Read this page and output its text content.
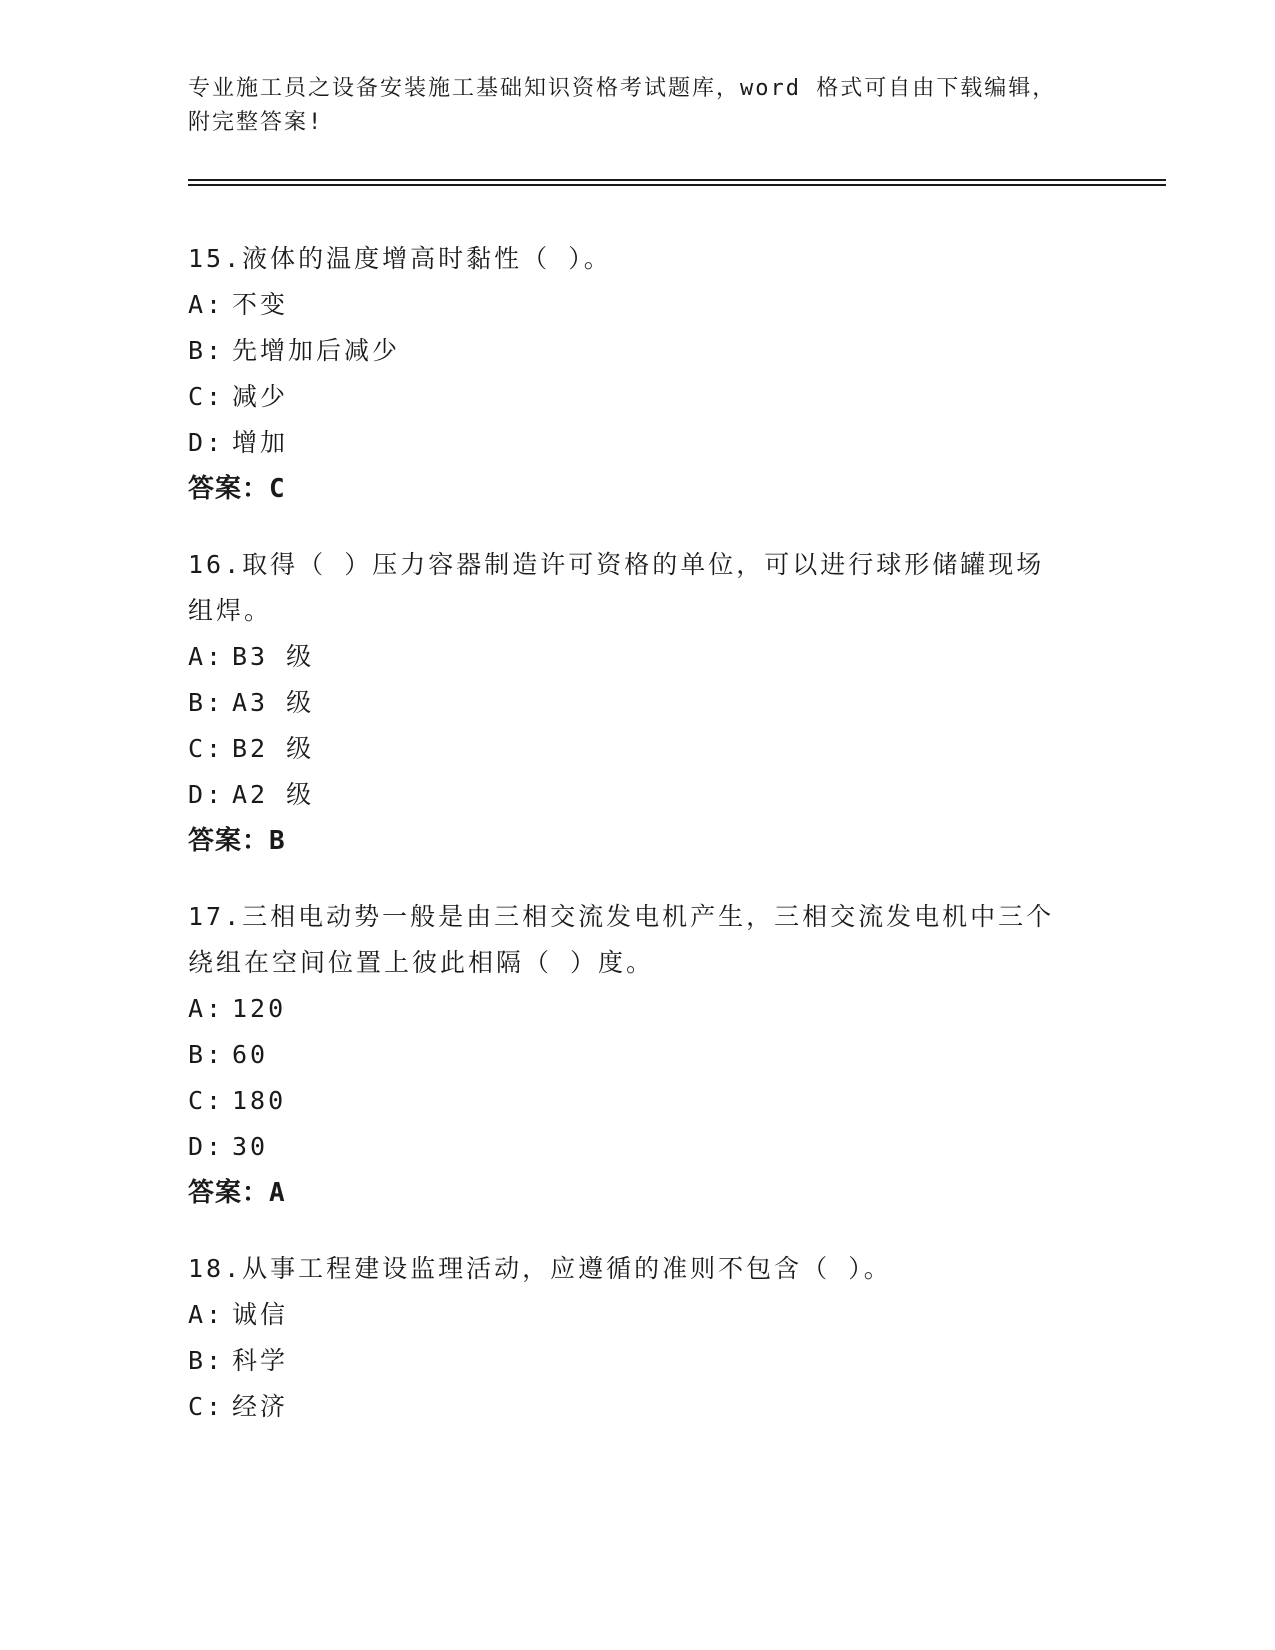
专业施工员之设备安装施工基础知识资格考试题库，word 格式可自由下载编辑，
附完整答案!
15.液体的温度增高时黏性（ ）。
A: 不变
B: 先增加后减少
C: 减少
D: 增加
答案：C
16.取得（ ）压力容器制造许可资格的单位，可以进行球形储罐现场
组焊。
A: B3 级
B: A3 级
C: B2 级
D: A2 级
答案：B
17.三相电动势一般是由三相交流发电机产生，三相交流发电机中三个
绕组在空间位置上彼此相隔（ ）度。
A: 120
B: 60
C: 180
D: 30
答案：A
18.从事工程建设监理活动，应遵循的准则不包含（ ）。
A: 诚信
B: 科学
C: 经济
